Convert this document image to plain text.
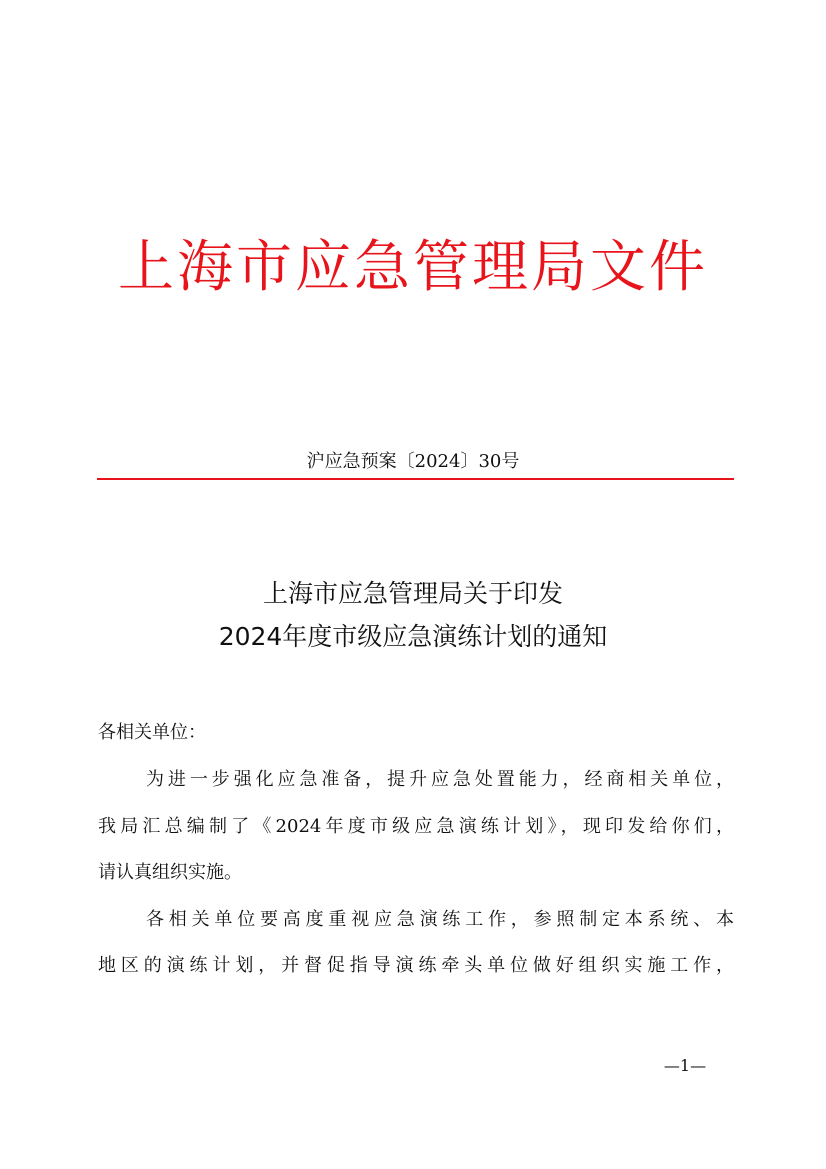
上海市应急管理局文件
沪应急预案〔2024〕30号
上海市应急管理局关于印发
2024年度市级应急演练计划的通知
各相关单位：
为进一步强化应急准备，提升应急处置能力，经商相关单位，
我局汇总编制了《2024年度市级应急演练计划》，现印发给你们，
请认真组织实施。
各相关单位要高度重视应急演练工作，参照制定本系统、本
地区的演练计划，并督促指导演练牵头单位做好组织实施工作，
—1—
